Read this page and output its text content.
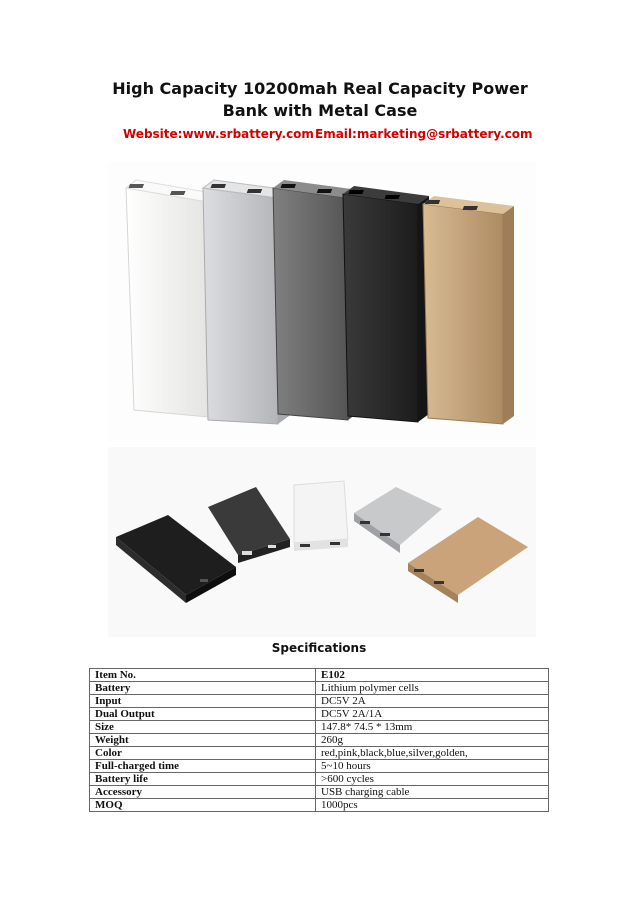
High Capacity 10200mah Real Capacity Power
Bank with Metal Case
Website:www.srbattery.com Email:marketing@srbattery.com
Specifications
Item No.	E102
Battery	Lithium polymer cells
Input	DC5V 2A
Dual Output	DC5V 2A/1A
Size	147.8* 74.5 * 13mm
Weight	260g
Color	red,pink,black,blue,silver,golden,
Full-charged time	5~10 hours
Battery life	>600 cycles
Accessory	USB charging cable
MOQ	1000pcs
